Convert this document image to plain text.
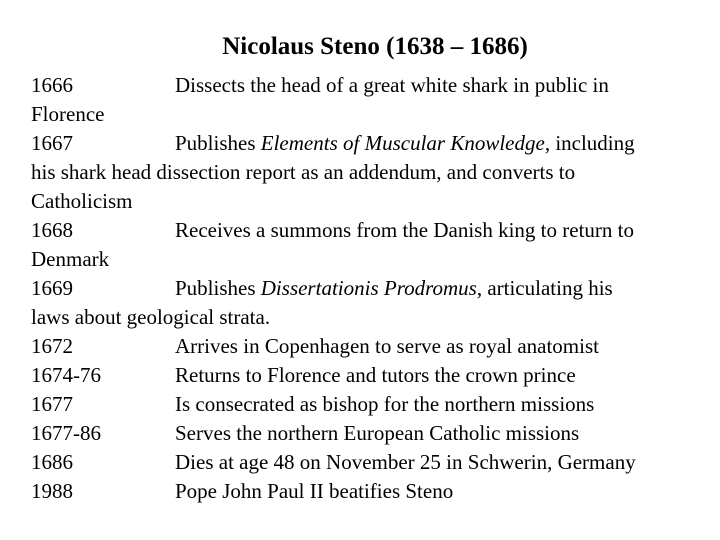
Nicolaus Steno (1638 – 1686)
1666	Dissects the head of a great white shark in public in
Florence
1667	Publishes Elements of Muscular Knowledge, including
his shark head dissection report as an addendum, and converts to
Catholicism
1668	Receives a summons from the Danish king to return to
Denmark
1669	Publishes Dissertationis Prodromus, articulating his
laws about geological strata.
1672	Arrives in Copenhagen to serve as royal anatomist
1674-76	Returns to Florence and tutors the crown prince
1677	Is consecrated as bishop for the northern missions
1677-86	Serves the northern European Catholic missions
1686	Dies at age 48 on November 25 in Schwerin, Germany
1988	Pope John Paul II beatifies Steno
